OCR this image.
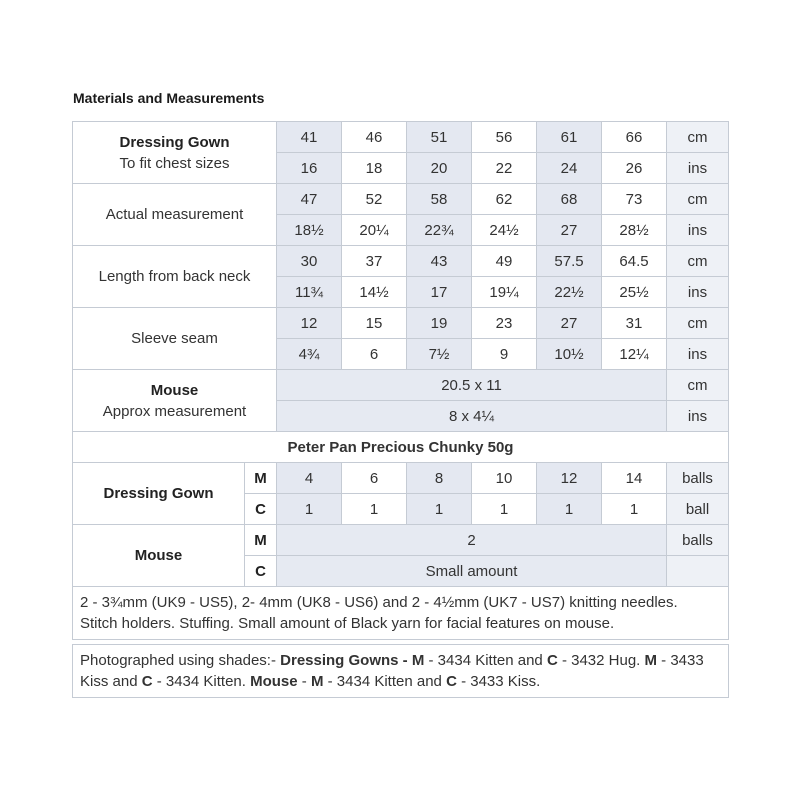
Materials and Measurements
Dressing Gown
To fit chest sizes		41	46	51	56	61	66	cm
		16	18	20	22	24	26	ins
Actual measurement		47	52	58	62	68	73	cm
		18½	20¼	22¾	24½	27	28½	ins
Length from back neck		30	37	43	49	57.5	64.5	cm
		11¾	14½	17	19¼	22½	25½	ins
Sleeve seam		12	15	19	23	27	31	cm
		4¾	6	7½	9	10½	12¼	ins
Mouse
Approx measurement		20.5 x 11						cm
		8 x 4¼						ins
Peter Pan Precious Chunky 50g								
Dressing Gown	M	4	6	8	10	12	14	balls
	C	1	1	1	1	1	1	ball
Mouse	M	2						balls
	C	Small amount						
2 - 3¾mm (UK9 - US5), 2- 4mm (UK8 - US6) and 2 - 4½mm (UK7 - US7) knitting needles.
Stitch holders. Stuffing. Small amount of Black yarn for facial features on mouse.								

Photographed using shades:- Dressing Gowns - M - 3434 Kitten and C - 3432 Hug. M - 3433 Kiss and C - 3434 Kitten. Mouse - M - 3434 Kitten and C - 3433 Kiss.								
